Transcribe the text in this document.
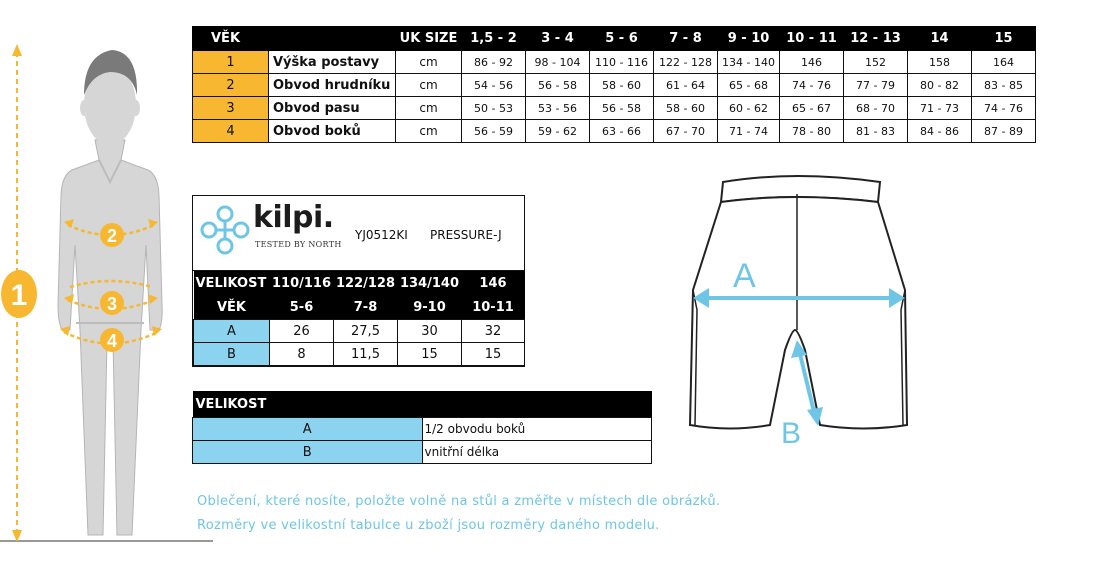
1
2
3
4
VĚK		UK SIZE	1,5 - 2	3 - 4	5 - 6	7 - 8	9 - 10	10 - 11	12 - 13	14	15
1	Výška postavy	cm	86 - 92	98 - 104	110 - 116	122 - 128	134 - 140	146	152	158	164
2	Obvod hrudníku	cm	54 - 56	56 - 58	58 - 60	61 - 64	65 - 68	74 - 76	77 - 79	80 - 82	83 - 85
3	Obvod pasu	cm	50 - 53	53 - 56	56 - 58	58 - 60	60 - 62	65 - 67	68 - 70	71 - 73	74 - 76
4	Obvod boků	cm	56 - 59	59 - 62	63 - 66	67 - 70	71 - 74	78 - 80	81 - 83	84 - 86	87 - 89
kilpi.
TESTED BY NORTH
YJ0512KI PRESSURE-J
VELIKOST	110/116	122/128	134/140	146
VĚK	5-6	7-8	9-10	10-11
A	26	27,5	30	32
B	8	11,5	15	15
VELIKOST	
A	1/2 obvodu boků
B	vnitřní délka
A
B
Oblečení, které nosíte, položte volně na stůl a změřte v místech dle obrázků.
Rozměry ve velikostní tabulce u zboží jsou rozměry daného modelu.
